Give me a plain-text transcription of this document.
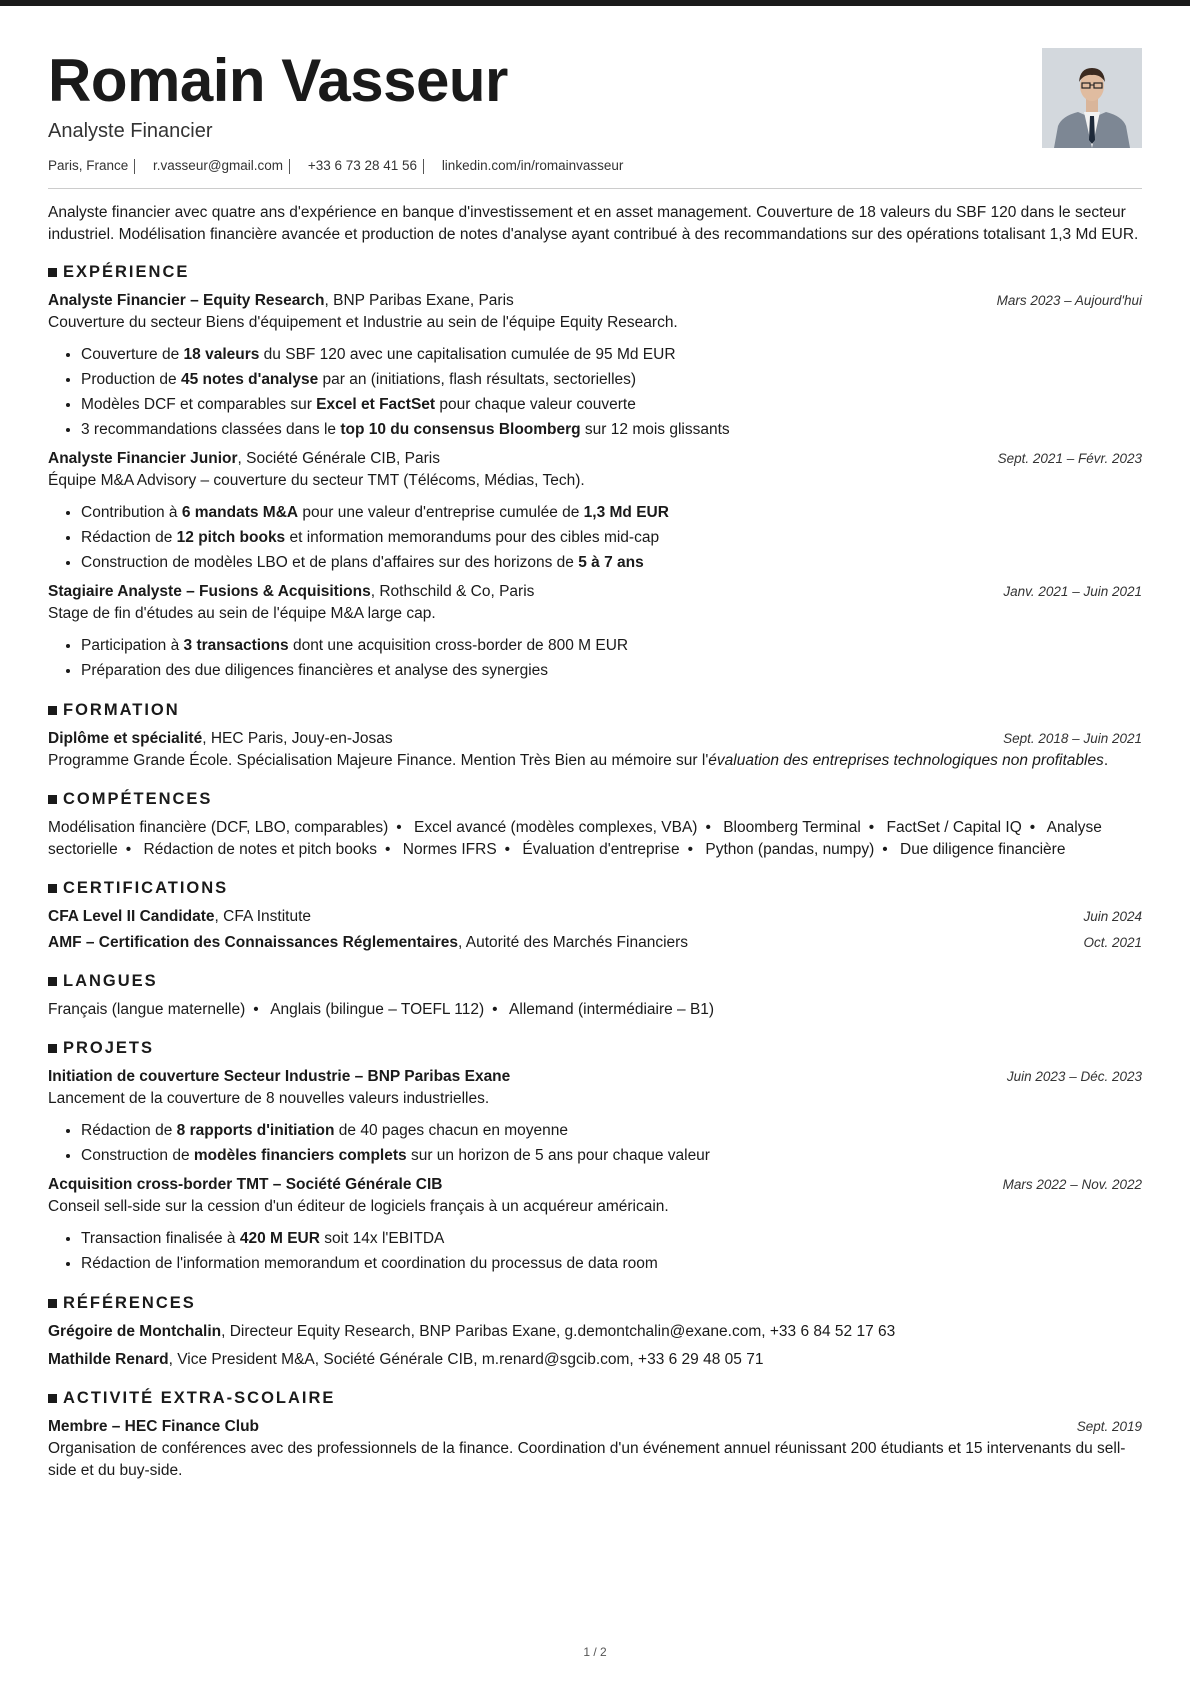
Romain Vasseur
Analyste Financier
Paris, France r.vasseur@gmail.com +33 6 73 28 41 56 linkedin.com/in/romainvasseur
Analyste financier avec quatre ans d'expérience en banque d'investissement et en asset management. Couverture de 18 valeurs du SBF 120 dans le secteur industriel. Modélisation financière avancée et production de notes d'analyse ayant contribué à des recommandations sur des opérations totalisant 1,3 Md EUR.
EXPÉRIENCE
Analyste Financier – Equity Research, BNP Paribas Exane, Paris	Mars 2023 – Aujourd'hui
Couverture du secteur Biens d'équipement et Industrie au sein de l'équipe Equity Research.
• Couverture de 18 valeurs du SBF 120 avec une capitalisation cumulée de 95 Md EUR
• Production de 45 notes d'analyse par an (initiations, flash résultats, sectorielles)
• Modèles DCF et comparables sur Excel et FactSet pour chaque valeur couverte
• 3 recommandations classées dans le top 10 du consensus Bloomberg sur 12 mois glissants
Analyste Financier Junior, Société Générale CIB, Paris	Sept. 2021 – Févr. 2023
Équipe M&A Advisory – couverture du secteur TMT (Télécoms, Médias, Tech).
• Contribution à 6 mandats M&A pour une valeur d'entreprise cumulée de 1,3 Md EUR
• Rédaction de 12 pitch books et information memorandums pour des cibles mid-cap
• Construction de modèles LBO et de plans d'affaires sur des horizons de 5 à 7 ans
Stagiaire Analyste – Fusions & Acquisitions, Rothschild & Co, Paris	Janv. 2021 – Juin 2021
Stage de fin d'études au sein de l'équipe M&A large cap.
• Participation à 3 transactions dont une acquisition cross-border de 800 M EUR
• Préparation des due diligences financières et analyse des synergies
FORMATION
Diplôme et spécialité, HEC Paris, Jouy-en-Josas	Sept. 2018 – Juin 2021
Programme Grande École. Spécialisation Majeure Finance. Mention Très Bien au mémoire sur l'évaluation des entreprises technologiques non profitables.
COMPÉTENCES
Modélisation financière (DCF, LBO, comparables) • Excel avancé (modèles complexes, VBA) • Bloomberg Terminal • FactSet / Capital IQ • Analyse sectorielle • Rédaction de notes et pitch books • Normes IFRS • Évaluation d'entreprise • Python (pandas, numpy) • Due diligence financière
CERTIFICATIONS
CFA Level II Candidate, CFA Institute	Juin 2024
AMF – Certification des Connaissances Réglementaires, Autorité des Marchés Financiers	Oct. 2021
LANGUES
Français (langue maternelle) • Anglais (bilingue – TOEFL 112) • Allemand (intermédiaire – B1)
PROJETS
Initiation de couverture Secteur Industrie – BNP Paribas Exane	Juin 2023 – Déc. 2023
Lancement de la couverture de 8 nouvelles valeurs industrielles.
• Rédaction de 8 rapports d'initiation de 40 pages chacun en moyenne
• Construction de modèles financiers complets sur un horizon de 5 ans pour chaque valeur
Acquisition cross-border TMT – Société Générale CIB	Mars 2022 – Nov. 2022
Conseil sell-side sur la cession d'un éditeur de logiciels français à un acquéreur américain.
• Transaction finalisée à 420 M EUR soit 14x l'EBITDA
• Rédaction de l'information memorandum et coordination du processus de data room
RÉFÉRENCES
Grégoire de Montchalin, Directeur Equity Research, BNP Paribas Exane, g.demontchalin@exane.com, +33 6 84 52 17 63
Mathilde Renard, Vice President M&A, Société Générale CIB, m.renard@sgcib.com, +33 6 29 48 05 71
ACTIVITÉ EXTRA-SCOLAIRE
Membre – HEC Finance Club	Sept. 2019
Organisation de conférences avec des professionnels de la finance. Coordination d'un événement annuel réunissant 200 étudiants et 15 intervenants du sell-side et du buy-side.
1 / 2
